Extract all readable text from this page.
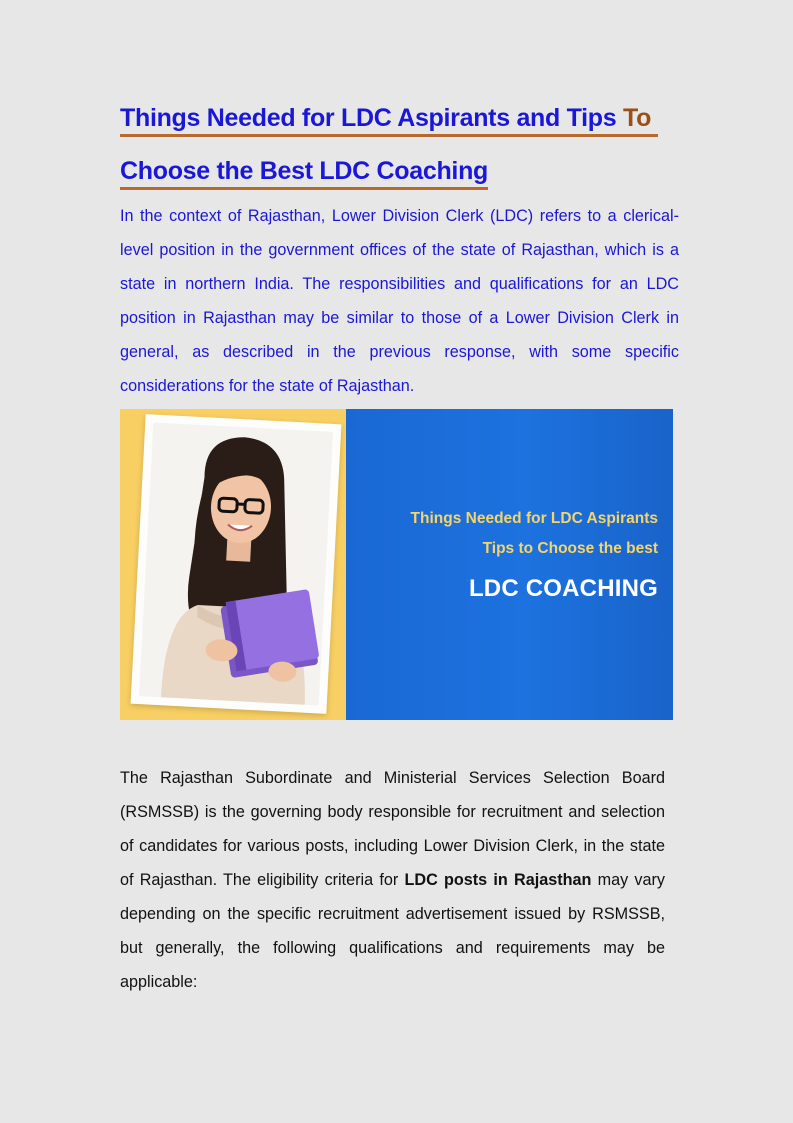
Things Needed for LDC Aspirants and Tips To
Choose the Best LDC Coaching

In the context of Rajasthan, Lower Division Clerk (LDC) refers to a clerical-level position in the government offices of the state of Rajasthan, which is a state in northern India. The responsibilities and qualifications for an LDC position in Rajasthan may be similar to those of a Lower Division Clerk in general, as described in the previous response, with some specific considerations for the state of Rajasthan.

Things Needed for LDC Aspirants
Tips to Choose the best
LDC COACHING

The Rajasthan Subordinate and Ministerial Services Selection Board (RSMSSB) is the governing body responsible for recruitment and selection of candidates for various posts, including Lower Division Clerk, in the state of Rajasthan. The eligibility criteria for LDC posts in Rajasthan may vary depending on the specific recruitment advertisement issued by RSMSSB, but generally, the following qualifications and requirements may be applicable:
